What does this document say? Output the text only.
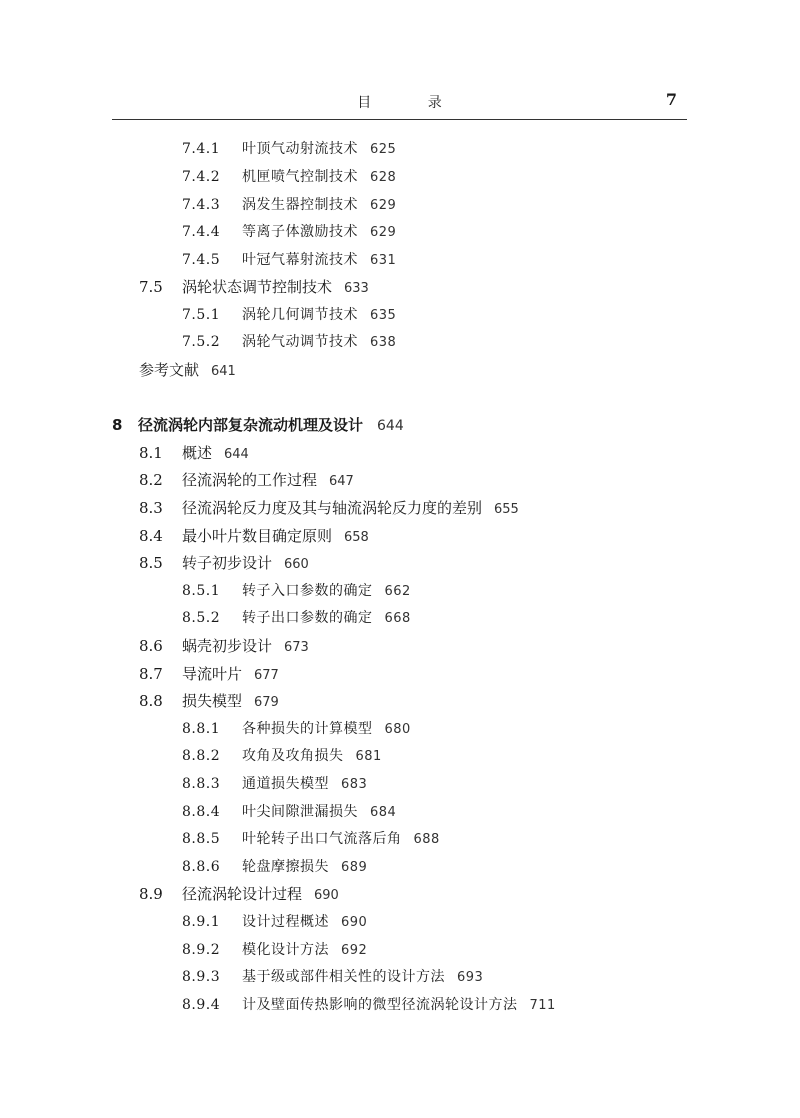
目 录	7
7.4.1 叶顶气动射流技术 625
7.4.2 机匣喷气控制技术 628
7.4.3 涡发生器控制技术 629
7.4.4 等离子体激励技术 629
7.4.5 叶冠气幕射流技术 631
7.5 涡轮状态调节控制技术 633
7.5.1 涡轮几何调节技术 635
7.5.2 涡轮气动调节技术 638
参考文献 641
8 径流涡轮内部复杂流动机理及设计 644
8.1 概述 644
8.2 径流涡轮的工作过程 647
8.3 径流涡轮反力度及其与轴流涡轮反力度的差别 655
8.4 最小叶片数目确定原则 658
8.5 转子初步设计 660
8.5.1 转子入口参数的确定 662
8.5.2 转子出口参数的确定 668
8.6 蜗壳初步设计 673
8.7 导流叶片 677
8.8 损失模型 679
8.8.1 各种损失的计算模型 680
8.8.2 攻角及攻角损失 681
8.8.3 通道损失模型 683
8.8.4 叶尖间隙泄漏损失 684
8.8.5 叶轮转子出口气流落后角 688
8.8.6 轮盘摩擦损失 689
8.9 径流涡轮设计过程 690
8.9.1 设计过程概述 690
8.9.2 模化设计方法 692
8.9.3 基于级或部件相关性的设计方法 693
8.9.4 计及壁面传热影响的微型径流涡轮设计方法 711
